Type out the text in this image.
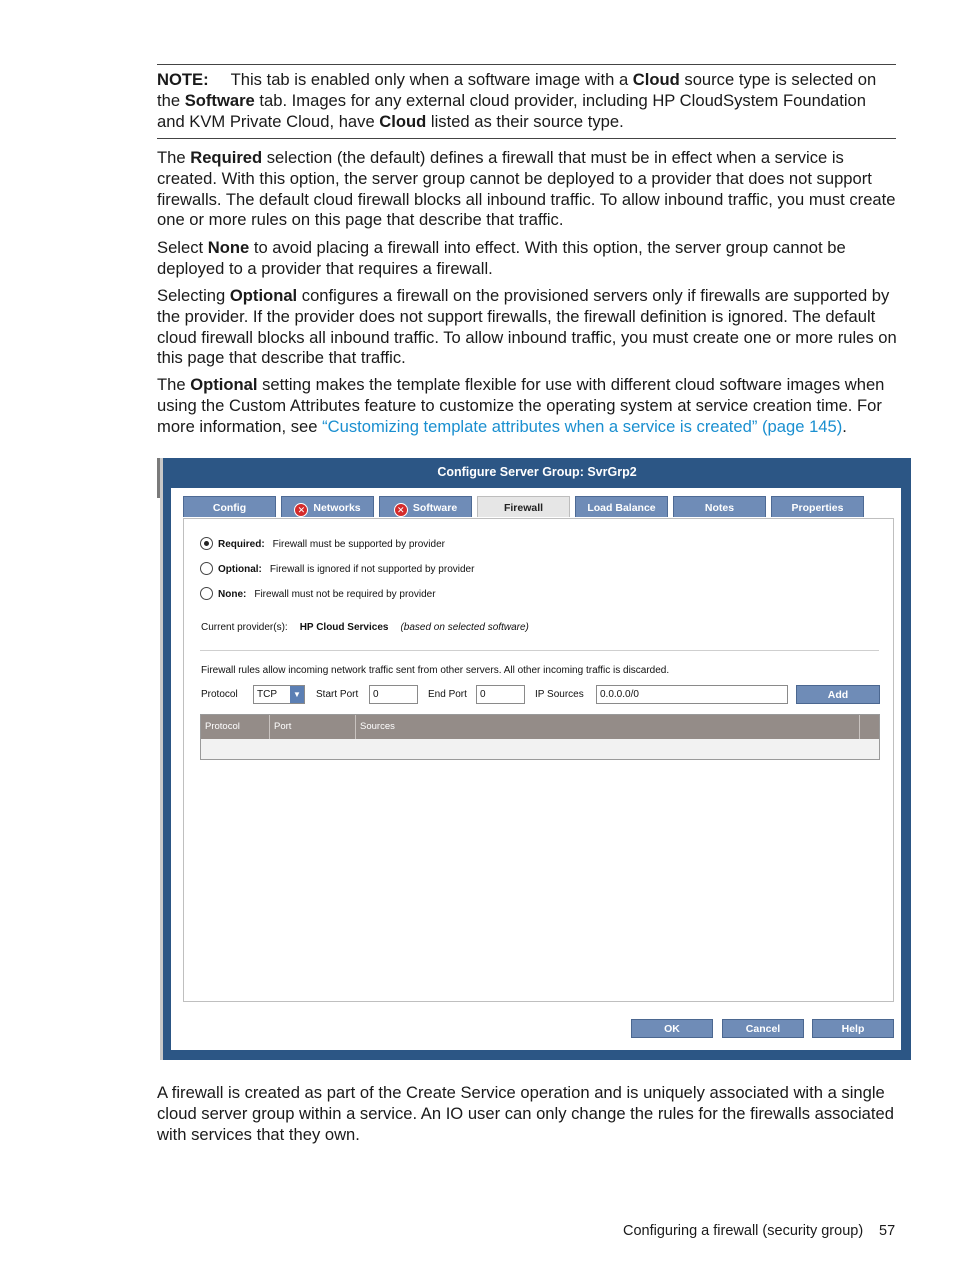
NOTE: This tab is enabled only when a software image with a Cloud source type is selected on the Software tab. Images for any external cloud provider, including HP CloudSystem Foundation and KVM Private Cloud, have Cloud listed as their source type.
The Required selection (the default) defines a firewall that must be in effect when a service is created. With this option, the server group cannot be deployed to a provider that does not support firewalls. The default cloud firewall blocks all inbound traffic. To allow inbound traffic, you must create one or more rules on this page that describe that traffic.
Select None to avoid placing a firewall into effect. With this option, the server group cannot be deployed to a provider that requires a firewall.
Selecting Optional configures a firewall on the provisioned servers only if firewalls are supported by the provider. If the provider does not support firewalls, the firewall definition is ignored. The default cloud firewall blocks all inbound traffic. To allow inbound traffic, you must create one or more rules on this page that describe that traffic.
The Optional setting makes the template flexible for use with different cloud software images when using the Custom Attributes feature to customize the operating system at service creation time. For more information, see “Customizing template attributes when a service is created” (page 145).
Configure Server Group: SvrGrp2
Config	✕ Networks	✕ Software	Firewall	Load Balance	Notes	Properties
Required: Firewall must be supported by provider
Optional: Firewall is ignored if not supported by provider
None: Firewall must not be required by provider
Current provider(s): HP Cloud Services (based on selected software)
Firewall rules allow incoming network traffic sent from other servers. All other incoming traffic is discarded.
Protocol	TCP	▼	Start Port	0	End Port	0	IP Sources	0.0.0.0/0	Add
Protocol	Port	Sources
OK	Cancel	Help
A firewall is created as part of the Create Service operation and is uniquely associated with a single cloud server group within a service. An IO user can only change the rules for the firewalls associated with services that they own.
Configuring a firewall (security group) 57
